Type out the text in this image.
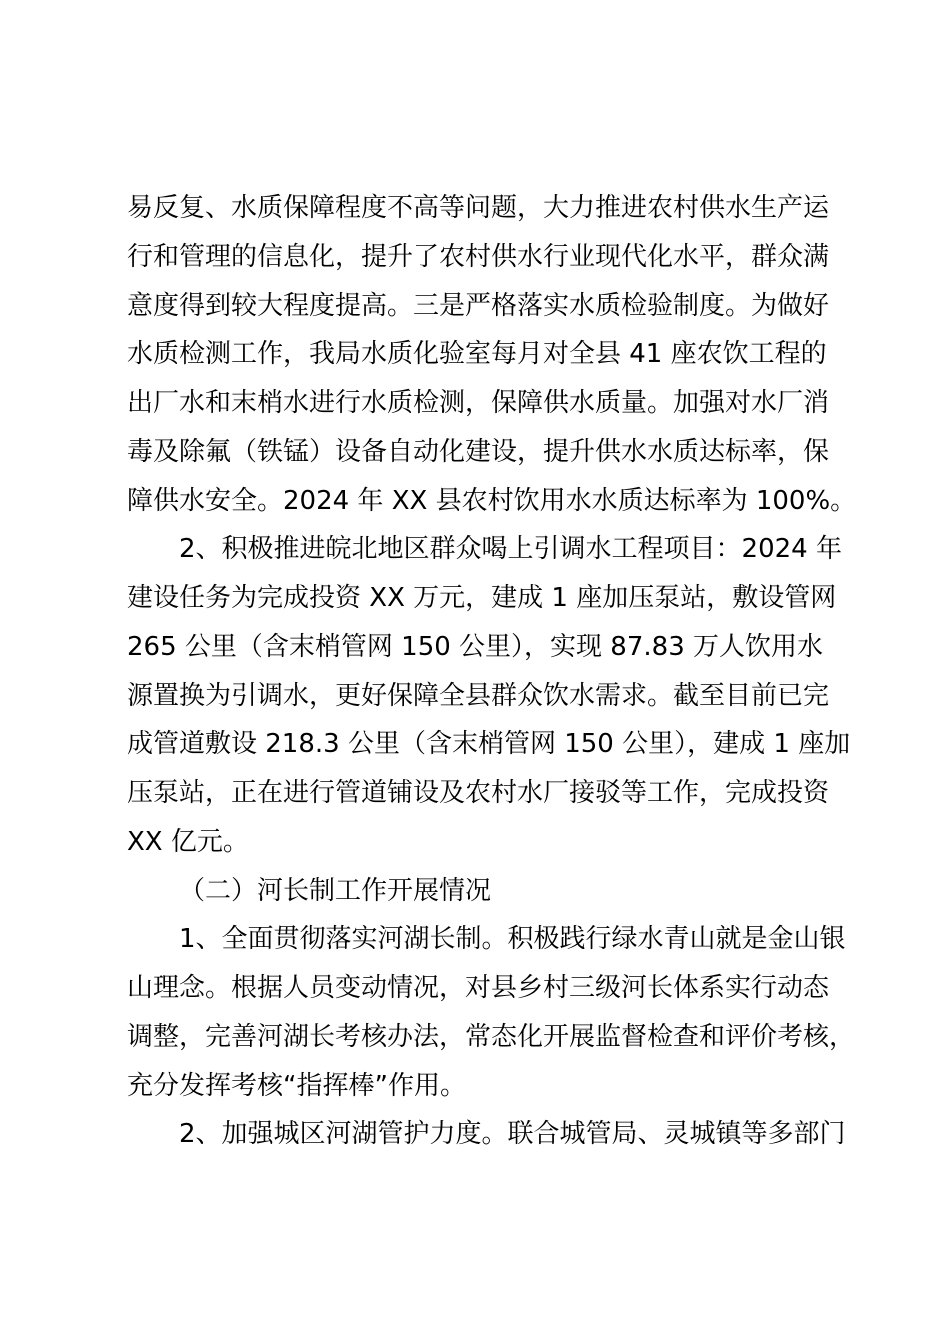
易反复、水质保障程度不高等问题，大力推进农村供水生产运
行和管理的信息化，提升了农村供水行业现代化水平，群众满
意度得到较大程度提高。三是严格落实水质检验制度。为做好
水质检测工作，我局水质化验室每月对全县 41 座农饮工程的
出厂水和末梢水进行水质检测，保障供水质量。加强对水厂消
毒及除氟（铁锰）设备自动化建设，提升供水水质达标率，保
障供水安全。2024 年 XX 县农村饮用水水质达标率为 100%。
2、积极推进皖北地区群众喝上引调水工程项目：2024 年
建设任务为完成投资 XX 万元，建成 1 座加压泵站，敷设管网
265 公里（含末梢管网 150 公里），实现 87.83 万人饮用水
源置换为引调水，更好保障全县群众饮水需求。截至目前已完
成管道敷设 218.3 公里（含末梢管网 150 公里），建成 1 座加
压泵站，正在进行管道铺设及农村水厂接驳等工作，完成投资
XX 亿元。
（二）河长制工作开展情况
1、全面贯彻落实河湖长制。积极践行绿水青山就是金山银
山理念。根据人员变动情况，对县乡村三级河长体系实行动态
调整，完善河湖长考核办法，常态化开展监督检查和评价考核，
充分发挥考核“指挥棒”作用。
2、加强城区河湖管护力度。联合城管局、灵城镇等多部门
